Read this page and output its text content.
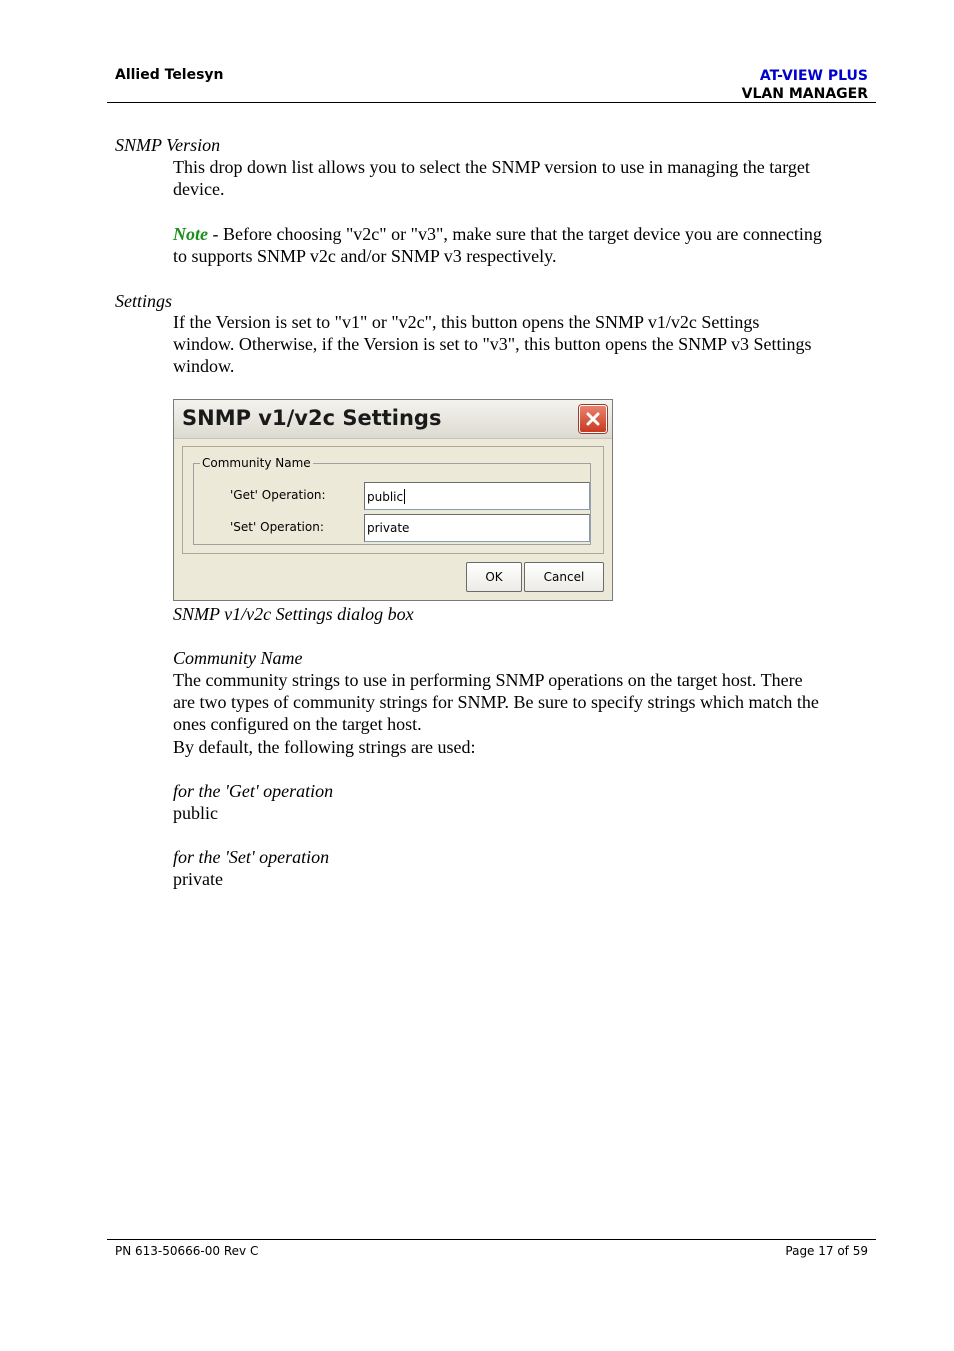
Allied Telesyn	AT-VIEW PLUS
VLAN MANAGER
SNMP Version
This drop down list allows you to select the SNMP version to use in managing the target
device.
Note - Before choosing "v2c" or "v3", make sure that the target device you are connecting
to supports SNMP v2c and/or SNMP v3 respectively.
Settings
If the Version is set to "v1" or "v2c", this button opens the SNMP v1/v2c Settings
window. Otherwise, if the Version is set to "v3", this button opens the SNMP v3 Settings
window.
SNMP v1/v2c Settings
Community Name
'Get' Operation:	public
'Set' Operation:	private
OK	Cancel
SNMP v1/v2c Settings dialog box
Community Name
The community strings to use in performing SNMP operations on the target host. There
are two types of community strings for SNMP. Be sure to specify strings which match the
ones configured on the target host.
By default, the following strings are used:
for the 'Get' operation
public
for the 'Set' operation
private
PN 613-50666-00 Rev C	Page 17 of 59
